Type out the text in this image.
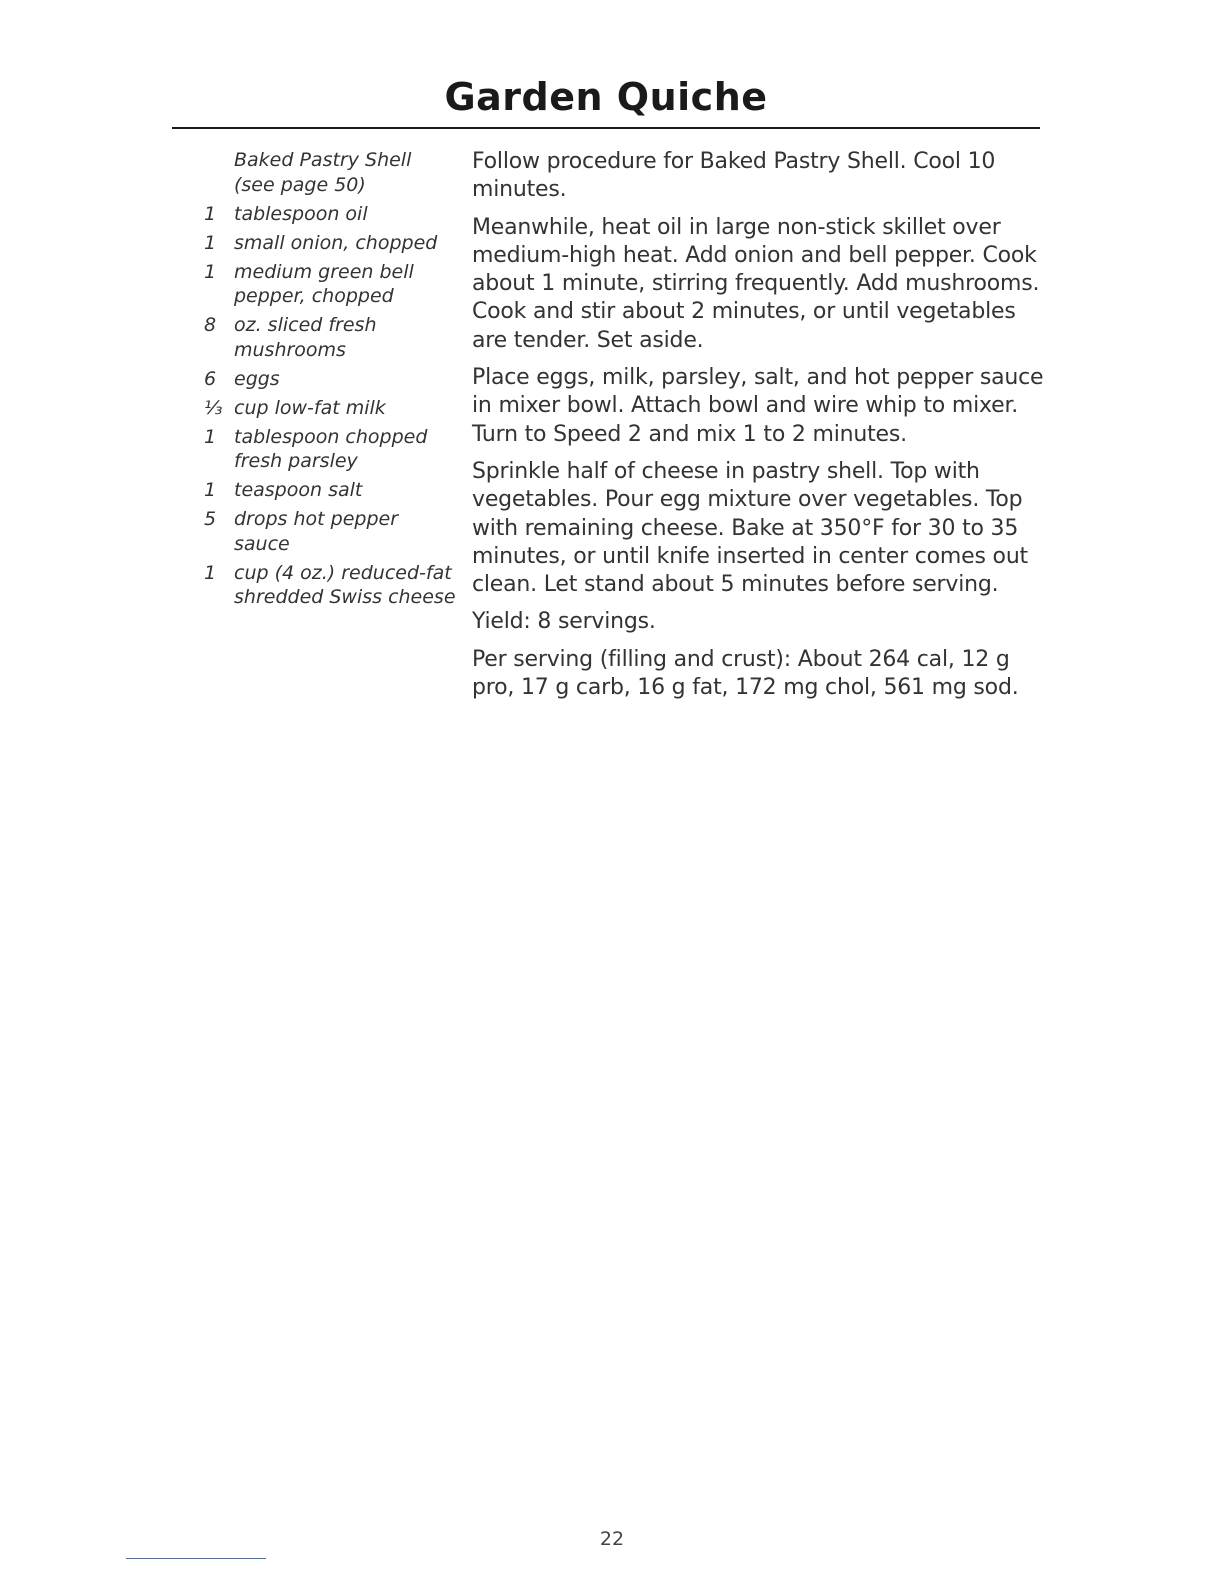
Garden Quiche
Baked Pastry Shell (see page 50)
1 tablespoon oil
1 small onion, chopped
1 medium green bell pepper, chopped
8 oz. sliced fresh mushrooms
6 eggs
⅓ cup low-fat milk
1 tablespoon chopped fresh parsley
1 teaspoon salt
5 drops hot pepper sauce
1 cup (4 oz.) reduced-fat shredded Swiss cheese

Follow procedure for Baked Pastry Shell. Cool 10 minutes.

Meanwhile, heat oil in large non-stick skillet over medium-high heat. Add onion and bell pepper. Cook about 1 minute, stirring frequently. Add mushrooms. Cook and stir about 2 minutes, or until vegetables are tender. Set aside.

Place eggs, milk, parsley, salt, and hot pepper sauce in mixer bowl. Attach bowl and wire whip to mixer. Turn to Speed 2 and mix 1 to 2 minutes.

Sprinkle half of cheese in pastry shell. Top with vegetables. Pour egg mixture over vegetables. Top with remaining cheese. Bake at 350°F for 30 to 35 minutes, or until knife inserted in center comes out clean. Let stand about 5 minutes before serving.

Yield: 8 servings.

Per serving (filling and crust): About 264 cal, 12 g pro, 17 g carb, 16 g fat, 172 mg chol, 561 mg sod.

22
